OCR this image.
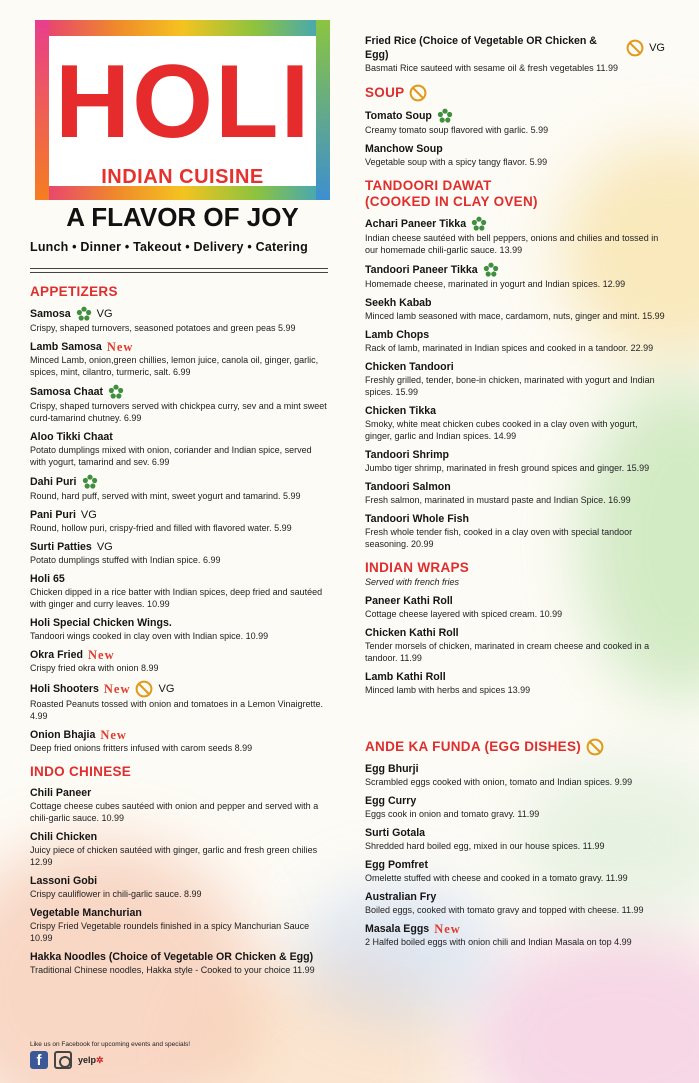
HOLI
INDIAN CUISINE
A FLAVOR OF JOY
Lunch • Dinner • Takeout • Delivery • Catering
APPETIZERS
Samosa VG
Crispy, shaped turnovers, seasoned potatoes and green peas 5.99
Lamb Samosa New
Minced Lamb, onion,green chillies, lemon juice, canola oil, ginger, garlic, spices, mint, cilantro, turmeric, salt. 6.99
Samosa Chaat
Crispy, shaped turnovers served with chickpea curry, sev and a mint sweet curd-tamarind chutney. 6.99
Aloo Tikki Chaat
Potato dumplings mixed with onion, coriander and Indian spice, served with yogurt, tamarind and sev. 6.99
Dahi Puri
Round, hard puff, served with mint, sweet yogurt and tamarind. 5.99
Pani Puri VG
Round, hollow puri, crispy-fried and filled with flavored water. 5.99
Surti Patties VG
Potato dumplings stuffed with Indian spice. 6.99
Holi 65
Chicken dipped in a rice batter with Indian spices, deep fried and sautéed with ginger and curry leaves. 10.99
Holi Special Chicken Wings.
Tandoori wings cooked in clay oven with Indian spice. 10.99
Okra Fried New
Crispy fried okra with onion 8.99
Holi Shooters New	VG
Roasted Peanuts tossed with onion and tomatoes in a Lemon Vinaigrette. 4.99
Onion Bhajia New
Deep fried onions fritters infused with carom seeds 8.99
INDO CHINESE
Chili Paneer
Cottage cheese cubes sautéed with onion and pepper and served with a chili-garlic sauce. 10.99
Chili Chicken
Juicy piece of chicken sautéed with ginger, garlic and fresh green chilies 12.99
Lassoni Gobi
Crispy cauliflower in chili-garlic sauce. 8.99
Vegetable Manchurian
Crispy Fried Vegetable roundels finished in a spicy Manchurian Sauce 10.99
Hakka Noodles (Choice of Vegetable OR Chicken & Egg)
Traditional Chinese noodles, Hakka style - Cooked to your choice 11.99
Fried Rice (Choice of Vegetable OR Chicken & Egg)
VG
Basmati Rice sauteed with sesame oil & fresh vegetables 11.99
SOUP
Tomato Soup
Creamy tomato soup flavored with garlic. 5.99
Manchow Soup
Vegetable soup with a spicy tangy flavor. 5.99
TANDOORI DAWAT
(COOKED IN CLAY OVEN)
Achari Paneer Tikka
Indian cheese sautéed with bell peppers, onions and chilies and tossed in our homemade chili-garlic sauce. 13.99
Tandoori Paneer Tikka
Homemade cheese, marinated in yogurt and Indian spices. 12.99
Seekh Kabab
Minced lamb seasoned with mace, cardamom, nuts, ginger and mint. 15.99
Lamb Chops
Rack of lamb, marinated in Indian spices and cooked in a tandoor. 22.99
Chicken Tandoori
Freshly grilled, tender, bone-in chicken, marinated with yogurt and Indian spices. 15.99
Chicken Tikka
Smoky, white meat chicken cubes cooked in a clay oven with yogurt, ginger, garlic and Indian spices. 14.99
Tandoori Shrimp
Jumbo tiger shrimp, marinated in fresh ground spices and ginger. 15.99
Tandoori Salmon
Fresh salmon, marinated in mustard paste and Indian Spice. 16.99
Tandoori Whole Fish
Fresh whole tender fish, cooked in a clay oven with special tandoor seasoning. 20.99
INDIAN WRAPS
Served with french fries
Paneer Kathi Roll
Cottage cheese layered with spiced cream. 10.99
Chicken Kathi Roll
Tender morsels of chicken, marinated in cream cheese and cooked in a tandoor. 11.99
Lamb Kathi Roll
Minced lamb with herbs and spices 13.99
ANDE KA FUNDA (EGG DISHES)
Egg Bhurji
Scrambled eggs cooked with onion, tomato and Indian spices. 9.99
Egg Curry
Eggs cook in onion and tomato gravy. 11.99
Surti Gotala
Shredded hard boiled egg, mixed in our house spices. 11.99
Egg Pomfret
Omelette stuffed with cheese and cooked in a tomato gravy. 11.99
Australian Fry
Boiled eggs, cooked with tomato gravy and topped with cheese. 11.99
Masala Eggs New
2 Halfed boiled eggs with onion chili and Indian Masala on top 4.99
Like us on Facebook for upcoming events and specials!
f	yelp✲
